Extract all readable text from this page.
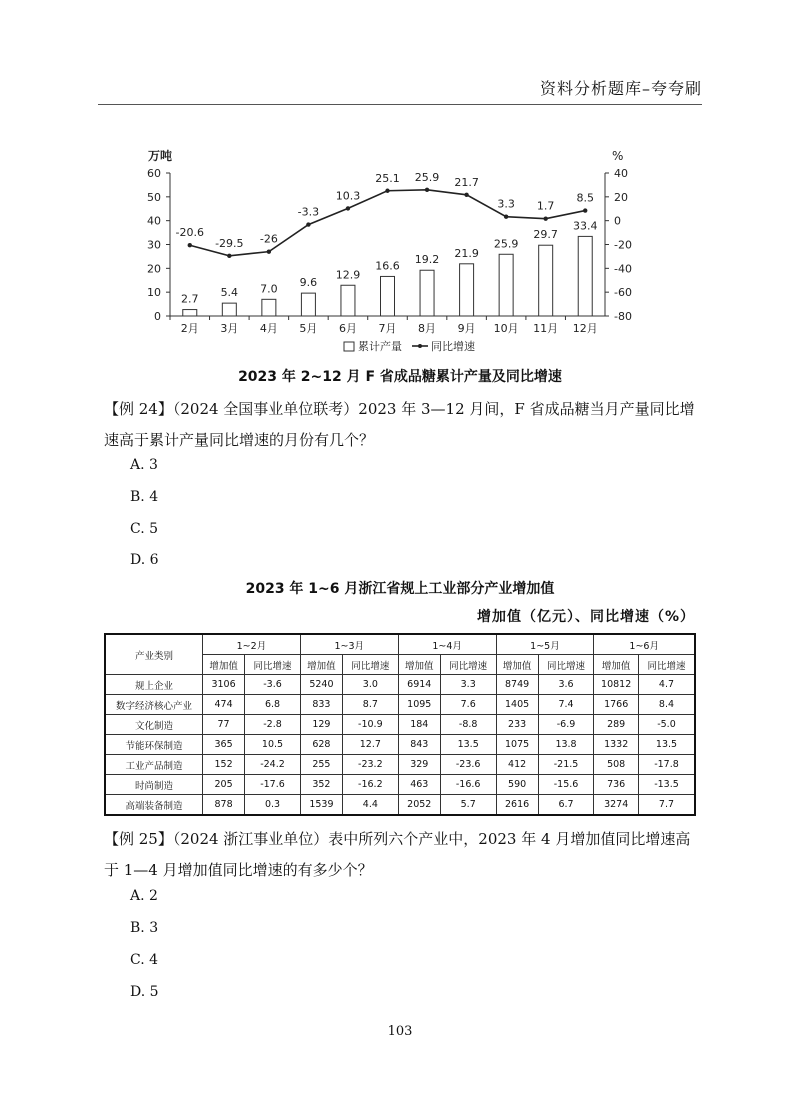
资料分析题库–夸夸刷
0
10
20
30
40
50
60
-80
-60
-40
-20
0
20
40
万吨	%
2.7
2月
5.4
3月
7.0
4月
9.6
5月
12.9
6月
16.6
7月
19.2
8月
21.9
9月
25.9
10月
29.7
11月
33.4
12月
-20.6
-29.5 -26
-3.3
10.3
25.1 25.9 21.7
3.3 1.7
8.5
累计产量	同比增速
2023 年 2~12 月 F 省成品糖累计产量及同比增速
【例 24】（2024 全国事业单位联考）2023 年 3—12 月间，F 省成品糖当月产量同比增速高于累计产量同比增速的月份有几个？
A. 3
B. 4
C. 5
D. 6
2023 年 1~6 月浙江省规上工业部分产业增加值
增加值（亿元）、同比增速（%）
产业类别	1~2月		1~3月		1~4月		1~5月		1~6月	
	增加值	同比增速	增加值	同比增速	增加值	同比增速	增加值	同比增速	增加值	同比增速
规上企业	3106	-3.6	5240	3.0	6914	3.3	8749	3.6	10812	4.7
数字经济核心产业	474	6.8	833	8.7	1095	7.6	1405	7.4	1766	8.4
文化制造	77	-2.8	129	-10.9	184	-8.8	233	-6.9	289	-5.0
节能环保制造	365	10.5	628	12.7	843	13.5	1075	13.8	1332	13.5
工业产品制造	152	-24.2	255	-23.2	329	-23.6	412	-21.5	508	-17.8
时尚制造	205	-17.6	352	-16.2	463	-16.6	590	-15.6	736	-13.5
高端装备制造	878	0.3	1539	4.4	2052	5.7	2616	6.7	3274	7.7
【例 25】（2024 浙江事业单位）表中所列六个产业中，2023 年 4 月增加值同比增速高于 1—4 月增加值同比增速的有多少个？
A. 2
B. 3
C. 4
D. 5
103
